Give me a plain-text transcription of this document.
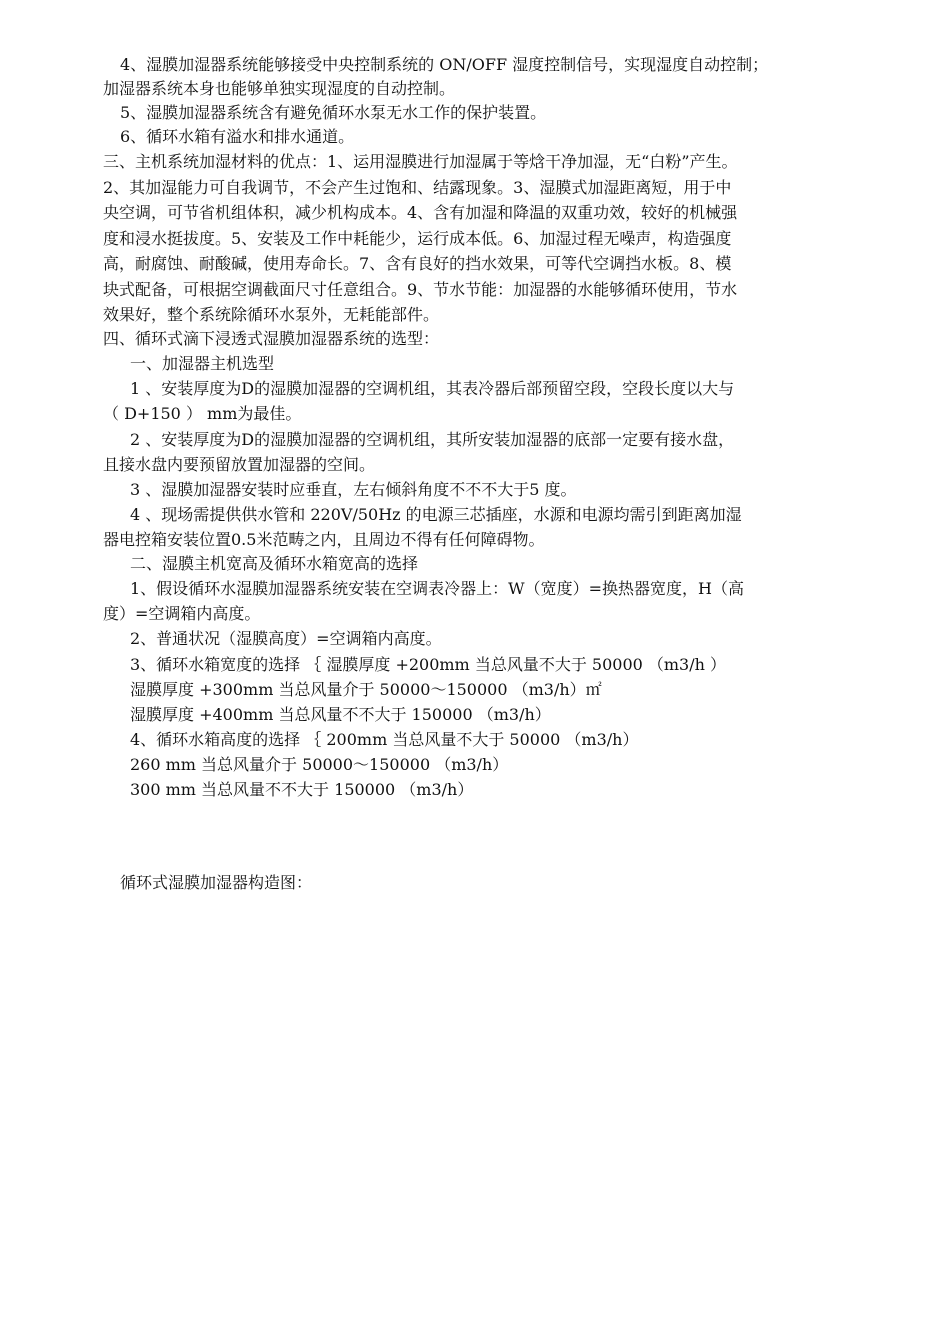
4、湿膜加湿器系统能够接受中央控制系统的 ON/OFF 湿度控制信号，实现湿度自动控制；
加湿器系统本身也能够单独实现湿度的自动控制。
5、湿膜加湿器系统含有避免循环水泵无水工作的保护装置。
6、循环水箱有溢水和排水通道。
三、主机系统加湿材料的优点：1、运用湿膜进行加湿属于等焓干净加湿，无“白粉”产生。
2、其加湿能力可自我调节，不会产生过饱和、结露现象。3、湿膜式加湿距离短，用于中
央空调，可节省机组体积，减少机构成本。4、含有加湿和降温的双重功效，较好的机械强
度和浸水挺拔度。5、安装及工作中耗能少，运行成本低。6、加湿过程无噪声，构造强度
高，耐腐蚀、耐酸碱，使用寿命长。7、含有良好的挡水效果，可等代空调挡水板。8、模
块式配备，可根据空调截面尺寸任意组合。9、节水节能：加湿器的水能够循环使用，节水
效果好，整个系统除循环水泵外，无耗能部件。
四、循环式滴下浸透式湿膜加湿器系统的选型：
一、加湿器主机选型
1 、安装厚度为D的湿膜加湿器的空调机组，其表冷器后部预留空段，空段长度以大与
（ D+150 ） mm为最佳。
2 、安装厚度为D的湿膜加湿器的空调机组，其所安装加湿器的底部一定要有接水盘，
且接水盘内要预留放置加湿器的空间。
3 、湿膜加湿器安装时应垂直，左右倾斜角度不不不大于5 度。
4 、现场需提供供水管和 220V/50Hz 的电源三芯插座，水源和电源均需引到距离加湿
器电控箱安装位置0.5米范畴之内，且周边不得有任何障碍物。
二、湿膜主机宽高及循环水箱宽高的选择
1、假设循环水湿膜加湿器系统安装在空调表冷器上：W（宽度）=换热器宽度，H（高
度）=空调箱内高度。
2、普通状况（湿膜高度）=空调箱内高度。
3、循环水箱宽度的选择 ｛ 湿膜厚度 +200mm 当总风量不大于 50000 （m3/h ）
湿膜厚度 +300mm 当总风量介于 50000～150000 （m3/h）㎡
湿膜厚度 +400mm 当总风量不不大于 150000 （m3/h）
4、循环水箱高度的选择 ｛ 200mm 当总风量不大于 50000 （m3/h）
260 mm 当总风量介于 50000～150000 （m3/h）
300 mm 当总风量不不大于 150000 （m3/h）
循环式湿膜加湿器构造图：
